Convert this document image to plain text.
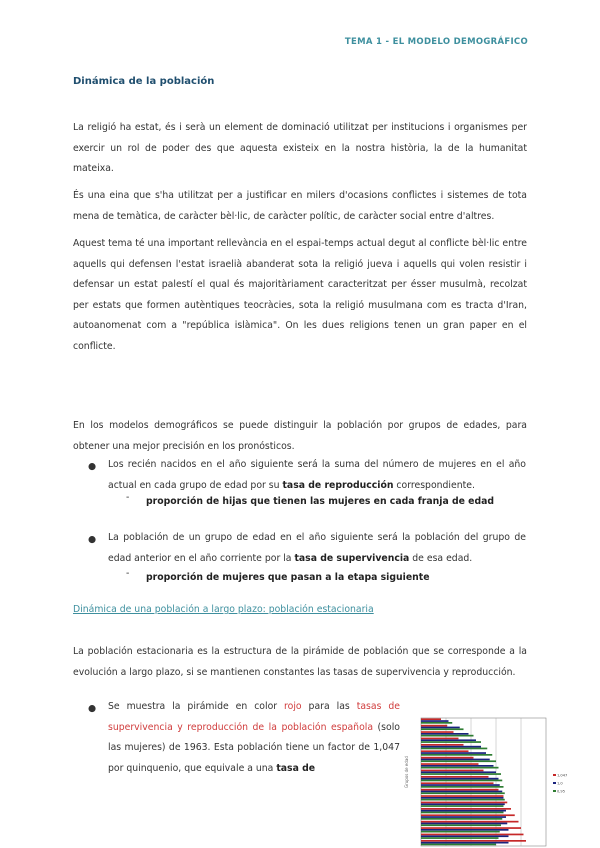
TEMA 1 - EL MODELO DEMOGRÁFICO
Dinámica de la población

La religió ha estat, és i serà un element de dominació utilitzat per institucions i organismes per exercir un rol de poder des que aquesta existeix en la nostra història, la de la humanitat mateixa.

És una eina que s'ha utilitzat per a justificar en milers d'ocasions conflictes i sistemes de tota mena de temàtica, de caràcter bèl·lic, de caràcter polític, de caràcter social entre d'altres.

Aquest tema té una important rellevància en el espai-temps actual degut al conflicte bèl·lic entre aquells qui defensen l'estat israelià abanderat sota la religió jueva i aquells qui volen resistir i defensar un estat palestí el qual és majoritàriament caracteritzat per ésser musulmà, recolzat per estats que formen autèntiques teocràcies, sota la religió musulmana com es tracta d'Iran, autoanomenat com a "república islàmica". On les dues religions tenen un gran paper en el conflicte.

En los modelos demográficos se puede distinguir la población por grupos de edades, para obtener una mejor precisión en los pronósticos.

● Los recién nacidos en el año siguiente será la suma del número de mujeres en el año actual en cada grupo de edad por su tasa de reproducción correspondiente.

- proporción de hijas que tienen las mujeres en cada franja de edad
● La población de un grupo de edad en el año siguiente será la población del grupo de edad anterior en el año corriente por la tasa de supervivencia de esa edad.

- proporción de mujeres que pasan a la etapa siguiente
Dinámica de una población a largo plazo: población estacionaria

La población estacionaria es la estructura de la pirámide de población que se corresponde a la evolución a largo plazo, si se mantienen constantes las tasas de supervivencia y reproducción.

● Se muestra la pirámide en color rojo para las tasas de supervivencia y reproducción de la población española (solo las mujeres) de 1963. Esta población tiene un factor de 1,047 por quinquenio, que equivale a una tasa de	Grupos de edad	1,047
1,0
0,95
